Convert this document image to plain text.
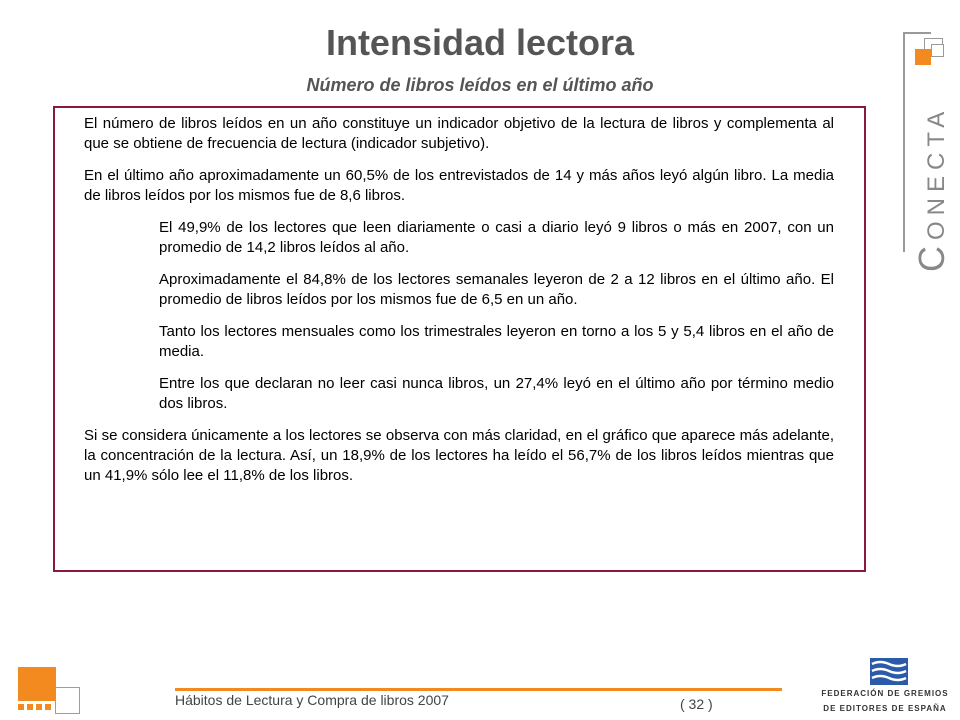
Intensidad lectora
Número de libros leídos en el último año

El número de libros leídos en un año constituye un indicador objetivo de la lectura de libros y complementa al que se obtiene de frecuencia de lectura (indicador subjetivo).

En el último año aproximadamente un 60,5% de los entrevistados de 14 y más años leyó algún libro. La media de libros leídos por los mismos fue de 8,6 libros.

El 49,9% de los lectores que leen diariamente o casi a diario leyó 9 libros o más en 2007, con un promedio de 14,2 libros leídos al año.

Aproximadamente el 84,8% de los lectores semanales leyeron de 2 a 12 libros en el último año. El promedio de libros leídos por los mismos fue de 6,5 en un año.

Tanto los lectores mensuales como los trimestrales leyeron en torno a los 5 y 5,4 libros en el año de media.

Entre los que declaran no leer casi nunca libros, un 27,4% leyó en el último año por término medio dos libros.

Si se considera únicamente a los lectores se observa con más claridad, en el gráfico que aparece más adelante, la concentración de la lectura. Así, un 18,9% de los lectores ha leído el 56,7% de los libros leídos mientras que un 41,9% sólo lee el 11,8% de los libros.

CONECTA
Hábitos de Lectura y Compra de libros 2007	( 32 )
FEDERACIÓN DE GREMIOS
DE EDITORES DE ESPAÑA
